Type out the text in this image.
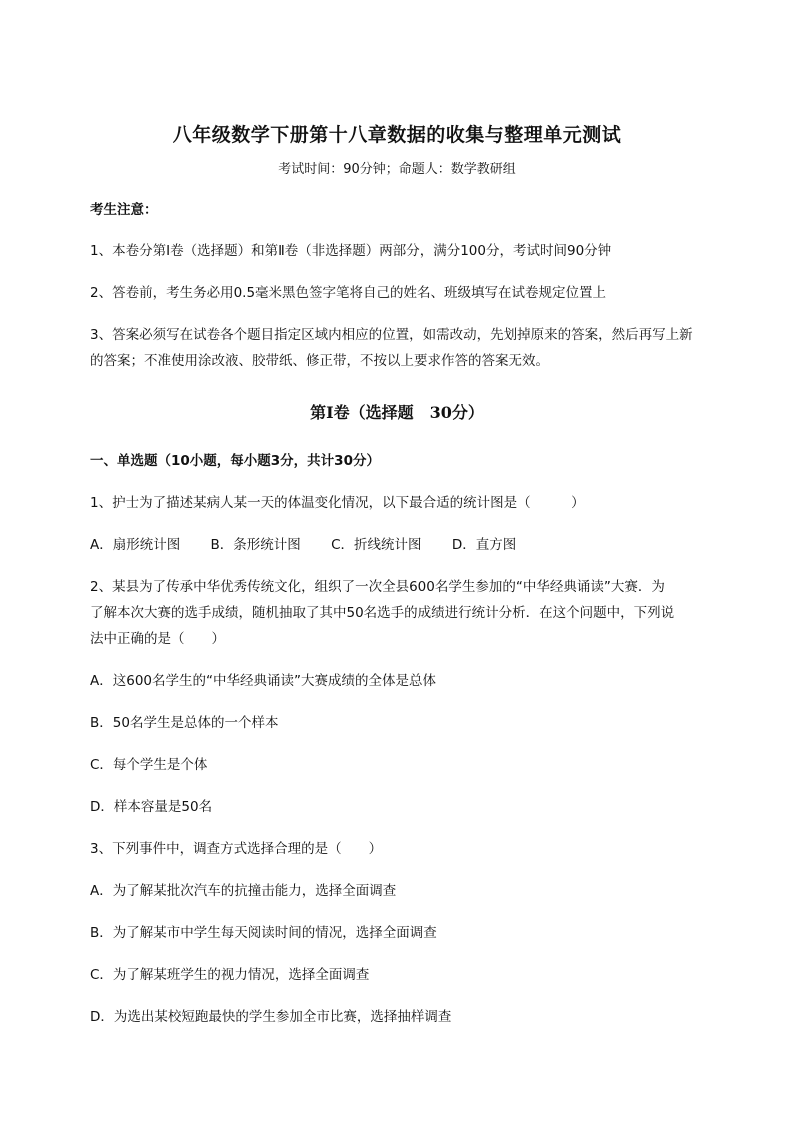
八年级数学下册第十八章数据的收集与整理单元测试
考试时间：90分钟；命题人：数学教研组
考生注意：
1、本卷分第Ⅰ卷（选择题）和第Ⅱ卷（非选择题）两部分，满分100分，考试时间90分钟
2、答卷前，考生务必用0.5毫米黑色签字笔将自己的姓名、班级填写在试卷规定位置上
3、答案必须写在试卷各个题目指定区域内相应的位置，如需改动，先划掉原来的答案，然后再写上新
的答案；不准使用涂改液、胶带纸、修正带，不按以上要求作答的答案无效。
第Ⅰ卷（选择题　30分）
一、单选题（10小题，每小题3分，共计30分）
1、护士为了描述某病人某一天的体温变化情况，以下最合适的统计图是（　　　）
A．扇形统计图 B．条形统计图 C．折线统计图 D．直方图
2、某县为了传承中华优秀传统文化，组织了一次全县600名学生参加的“中华经典诵读”大赛．为
了解本次大赛的选手成绩，随机抽取了其中50名选手的成绩进行统计分析．在这个问题中，下列说
法中正确的是（　　）
A．这600名学生的“中华经典诵读”大赛成绩的全体是总体
B．50名学生是总体的一个样本
C．每个学生是个体
D．样本容量是50名
3、下列事件中，调查方式选择合理的是（　　）
A．为了解某批次汽车的抗撞击能力，选择全面调查
B．为了解某市中学生每天阅读时间的情况，选择全面调查
C．为了解某班学生的视力情况，选择全面调查
D．为选出某校短跑最快的学生参加全市比赛，选择抽样调查
